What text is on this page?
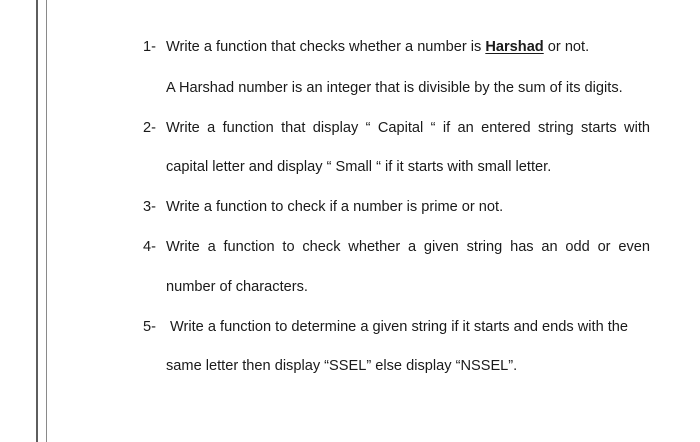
1- Write a function that checks whether a number is Harshad or not.
A Harshad number is an integer that is divisible by the sum of its digits.
2- Write a function that display “ Capital “ if an entered string starts with
capital letter and display “ Small “ if it starts with small letter.
3- Write a function to check if a number is prime or not.
4- Write a function to check whether a given string has an odd or even
number of characters.
5- Write a function to determine a given string if it starts and ends with the
same letter then display “SSEL” else display “NSSEL”.
